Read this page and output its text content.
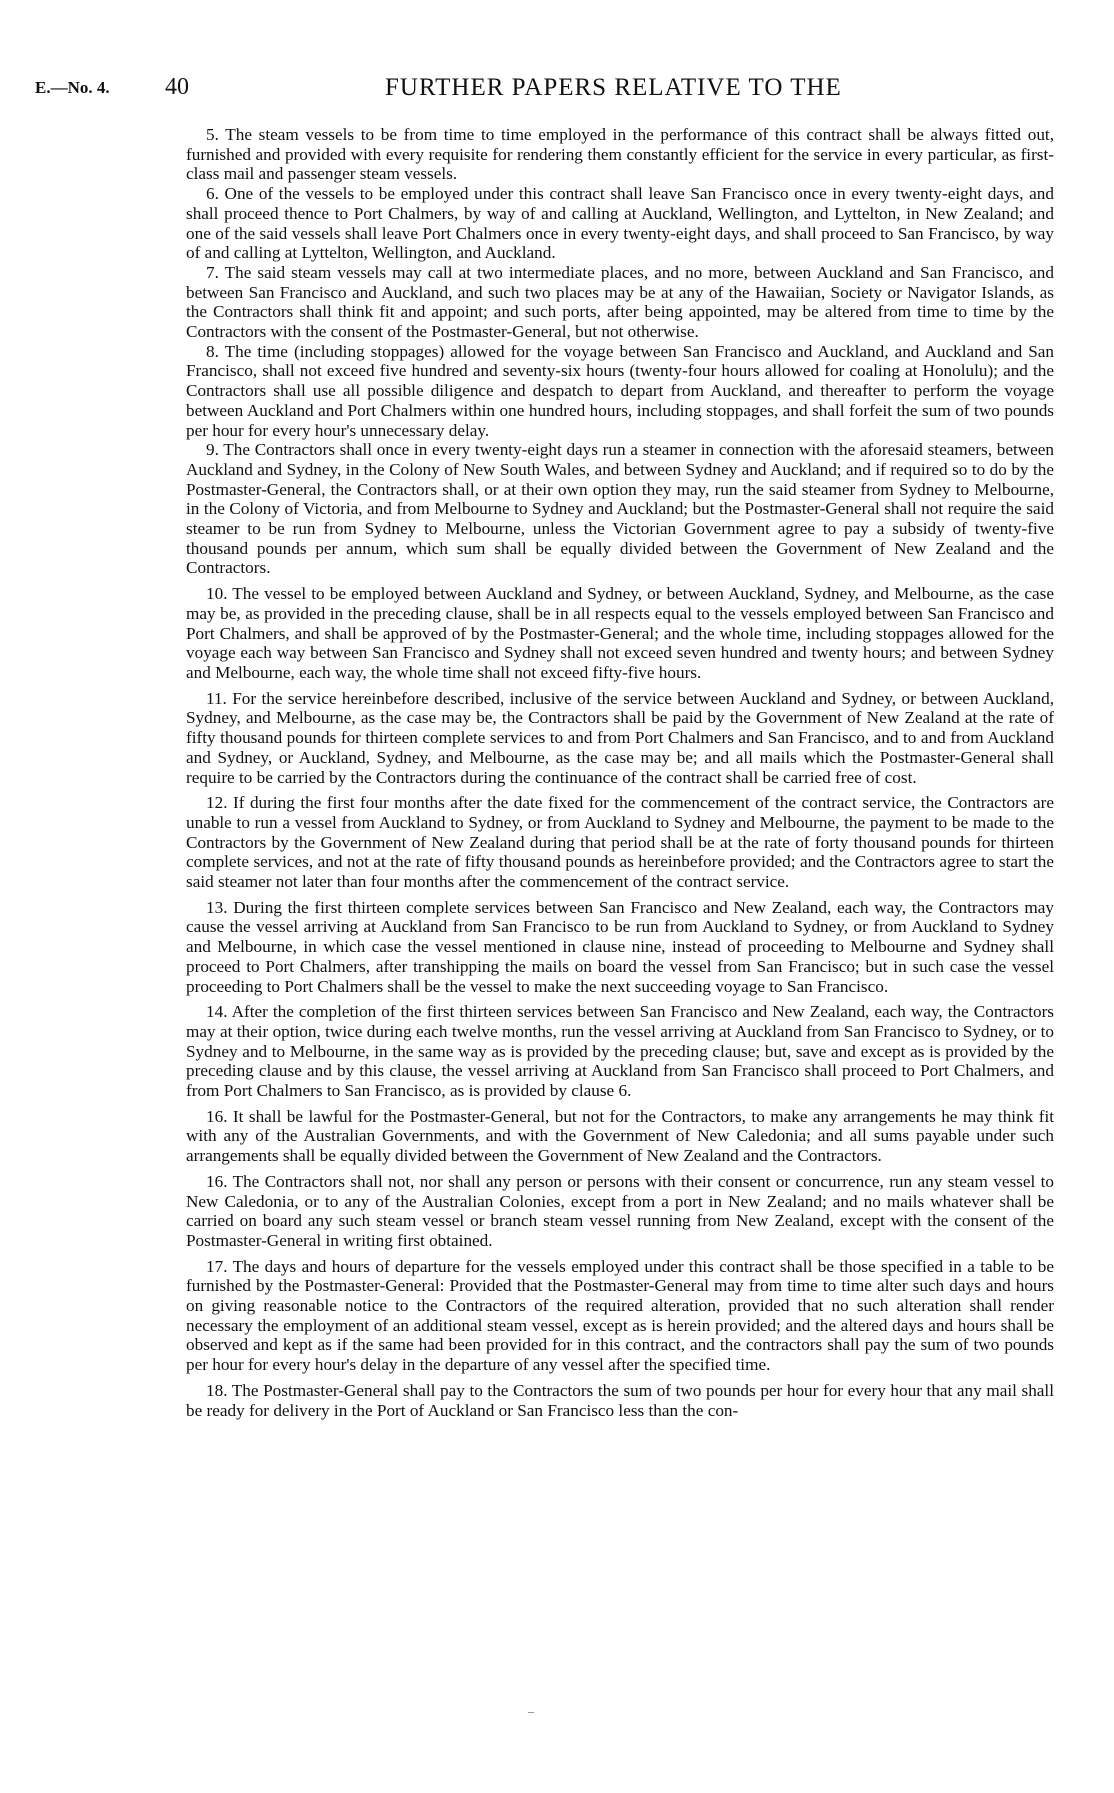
E.—No. 4. 40	FURTHER PAPERS RELATIVE TO THE

5. The steam vessels to be from time to time employed in the performance of this contract shall be always fitted out, furnished and provided with every requisite for rendering them constantly efficient for the service in every particular, as first-class mail and passenger steam vessels.

6. One of the vessels to be employed under this contract shall leave San Francisco once in every twenty-eight days, and shall proceed thence to Port Chalmers, by way of and calling at Auckland, Wellington, and Lyttelton, in New Zealand; and one of the said vessels shall leave Port Chalmers once in every twenty-eight days, and shall proceed to San Francisco, by way of and calling at Lyttelton, Wellington, and Auckland.

7. The said steam vessels may call at two intermediate places, and no more, between Auckland and San Francisco, and between San Francisco and Auckland, and such two places may be at any of the Hawaiian, Society or Navigator Islands, as the Contractors shall think fit and appoint; and such ports, after being appointed, may be altered from time to time by the Contractors with the consent of the Postmaster-General, but not otherwise.

8. The time (including stoppages) allowed for the voyage between San Francisco and Auckland, and Auckland and San Francisco, shall not exceed five hundred and seventy-six hours (twenty-four hours allowed for coaling at Honolulu); and the Contractors shall use all possible diligence and despatch to depart from Auckland, and thereafter to perform the voyage between Auckland and Port Chalmers within one hundred hours, including stoppages, and shall forfeit the sum of two pounds per hour for every hour's unnecessary delay.

9. The Contractors shall once in every twenty-eight days run a steamer in connection with the aforesaid steamers, between Auckland and Sydney, in the Colony of New South Wales, and between Sydney and Auckland; and if required so to do by the Postmaster-General, the Contractors shall, or at their own option they may, run the said steamer from Sydney to Melbourne, in the Colony of Victoria, and from Melbourne to Sydney and Auckland; but the Postmaster-General shall not require the said steamer to be run from Sydney to Melbourne, unless the Victorian Government agree to pay a subsidy of twenty-five thousand pounds per annum, which sum shall be equally divided between the Government of New Zealand and the Contractors.

10. The vessel to be employed between Auckland and Sydney, or between Auckland, Sydney, and Melbourne, as the case may be, as provided in the preceding clause, shall be in all respects equal to the vessels employed between San Francisco and Port Chalmers, and shall be approved of by the Postmaster-General; and the whole time, including stoppages allowed for the voyage each way between San Francisco and Sydney shall not exceed seven hundred and twenty hours; and between Sydney and Melbourne, each way, the whole time shall not exceed fifty-five hours.

11. For the service hereinbefore described, inclusive of the service between Auckland and Sydney, or between Auckland, Sydney, and Melbourne, as the case may be, the Contractors shall be paid by the Government of New Zealand at the rate of fifty thousand pounds for thirteen complete services to and from Port Chalmers and San Francisco, and to and from Auckland and Sydney, or Auckland, Sydney, and Melbourne, as the case may be; and all mails which the Postmaster-General shall require to be carried by the Contractors during the continuance of the contract shall be carried free of cost.

12. If during the first four months after the date fixed for the commencement of the contract service, the Contractors are unable to run a vessel from Auckland to Sydney, or from Auckland to Sydney and Melbourne, the payment to be made to the Contractors by the Government of New Zealand during that period shall be at the rate of forty thousand pounds for thirteen complete services, and not at the rate of fifty thousand pounds as hereinbefore provided; and the Contractors agree to start the said steamer not later than four months after the commencement of the contract service.

13. During the first thirteen complete services between San Francisco and New Zealand, each way, the Contractors may cause the vessel arriving at Auckland from San Francisco to be run from Auckland to Sydney, or from Auckland to Sydney and Melbourne, in which case the vessel mentioned in clause nine, instead of proceeding to Melbourne and Sydney shall proceed to Port Chalmers, after transhipping the mails on board the vessel from San Francisco; but in such case the vessel proceeding to Port Chalmers shall be the vessel to make the next succeeding voyage to San Francisco.

14. After the completion of the first thirteen services between San Francisco and New Zealand, each way, the Contractors may at their option, twice during each twelve months, run the vessel arriving at Auckland from San Francisco to Sydney, or to Sydney and to Melbourne, in the same way as is provided by the preceding clause; but, save and except as is provided by the preceding clause and by this clause, the vessel arriving at Auckland from San Francisco shall proceed to Port Chalmers, and from Port Chalmers to San Francisco, as is provided by clause 6.

16. It shall be lawful for the Postmaster-General, but not for the Contractors, to make any arrangements he may think fit with any of the Australian Governments, and with the Government of New Caledonia; and all sums payable under such arrangements shall be equally divided between the Government of New Zealand and the Contractors.

16. The Contractors shall not, nor shall any person or persons with their consent or concurrence, run any steam vessel to New Caledonia, or to any of the Australian Colonies, except from a port in New Zealand; and no mails whatever shall be carried on board any such steam vessel or branch steam vessel running from New Zealand, except with the consent of the Postmaster-General in writing first obtained.

17. The days and hours of departure for the vessels employed under this contract shall be those specified in a table to be furnished by the Postmaster-General: Provided that the Postmaster-General may from time to time alter such days and hours on giving reasonable notice to the Contractors of the required alteration, provided that no such alteration shall render necessary the employment of an additional steam vessel, except as is herein provided; and the altered days and hours shall be observed and kept as if the same had been provided for in this contract, and the contractors shall pay the sum of two pounds per hour for every hour's delay in the departure of any vessel after the specified time.

18. The Postmaster-General shall pay to the Contractors the sum of two pounds per hour for every hour that any mail shall be ready for delivery in the Port of Auckland or San Francisco less than the con-
